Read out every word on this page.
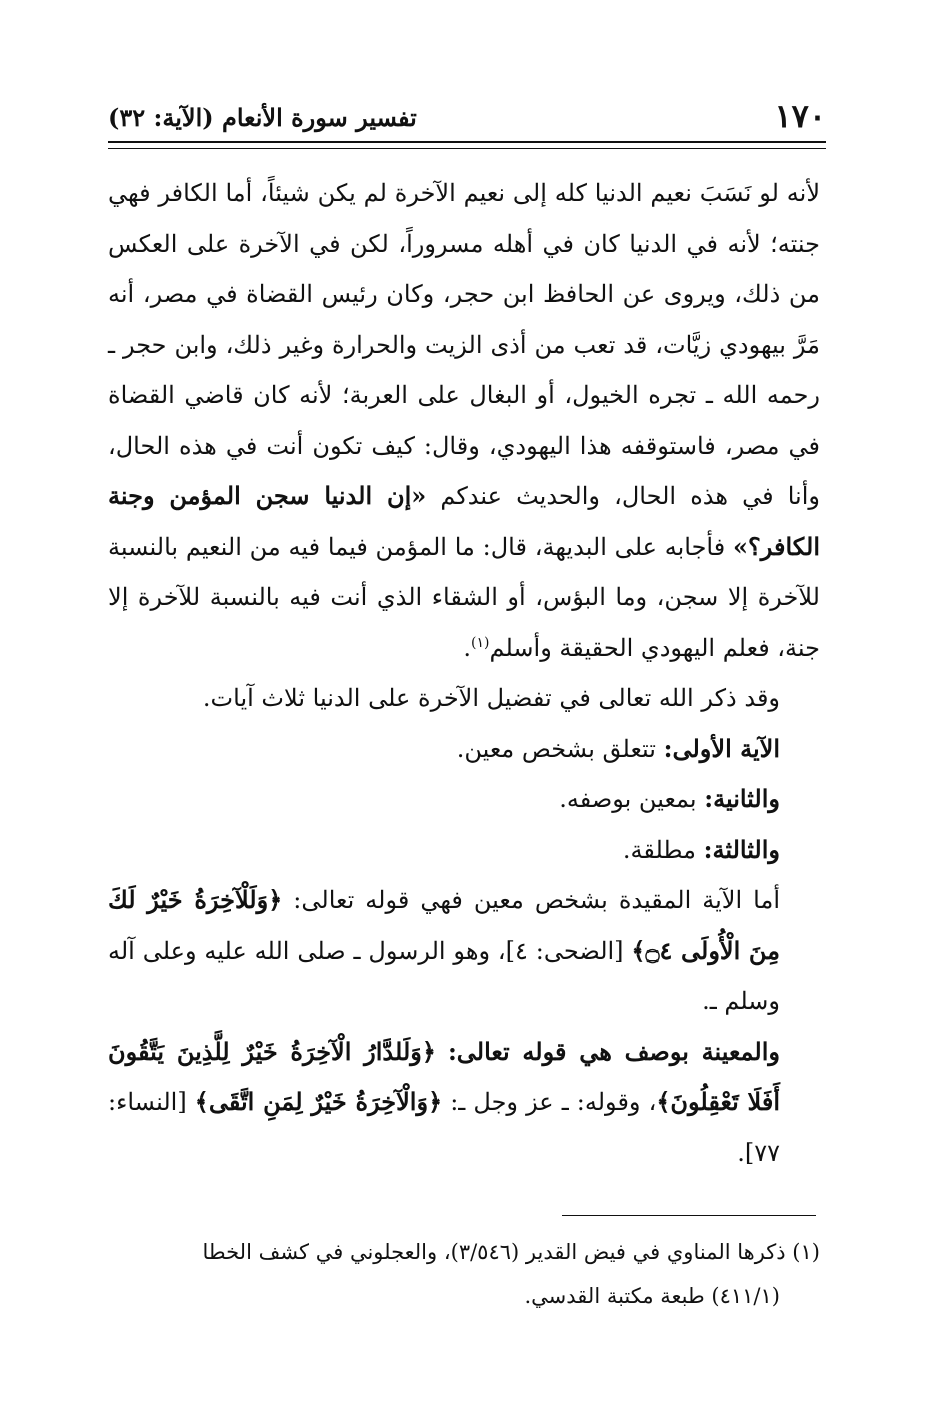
١٧٠
تفسير سورة الأنعام (الآية: ٣٢)

لأنه لو نَسَبَ نعيم الدنيا كله إلى نعيم الآخرة لم يكن شيئاً، أما الكافر فهي جنته؛ لأنه في الدنيا كان في أهله مسروراً، لكن في الآخرة على العكس من ذلك، ويروى عن الحافظ ابن حجر، وكان رئيس القضاة في مصر، أنه مَرَّ بيهودي زيَّات، قد تعب من أذى الزيت والحرارة وغير ذلك، وابن حجر ـ رحمه الله ـ تجره الخيول، أو البغال على العربة؛ لأنه كان قاضي القضاة في مصر، فاستوقفه هذا اليهودي، وقال: كيف تكون أنت في هذه الحال، وأنا في هذه الحال، والحديث عندكم «إن الدنيا سجن المؤمن وجنة الكافر؟» فأجابه على البديهة، قال: ما المؤمن فيما فيه من النعيم بالنسبة للآخرة إلا سجن، وما البؤس، أو الشقاء الذي أنت فيه بالنسبة للآخرة إلا جنة، فعلم اليهودي الحقيقة وأسلم$^{(١)}$.

وقد ذكر الله تعالى في تفضيل الآخرة على الدنيا ثلاث آيات.

الآية الأولى: تتعلق بشخص معين.

والثانية: بمعين بوصفه.

والثالثة: مطلقة.

أما الآية المقيدة بشخص معين فهي قوله تعالى: ﴿وَلَلْآخِرَةُ خَيْرٌ لَكَ مِنَ الْأُولَى ۝٤﴾ [الضحى: ٤]، وهو الرسول ـ صلى الله عليه وعلى آله وسلم ـ.

والمعينة بوصف هي قوله تعالى: ﴿وَلَلدَّارُ الْآخِرَةُ خَيْرٌ لِلَّذِينَ يَتَّقُونَ أَفَلَا تَعْقِلُونَ﴾، وقوله: ـ عز وجل ـ: ﴿وَالْآخِرَةُ خَيْرٌ لِمَنِ اتَّقَى﴾ [النساء: ٧٧].

(١) ذكرها المناوي في فيض القدير (٣/٥٤٦)، والعجلوني في كشف الخطا

(٤١١/١) طبعة مكتبة القدسي.
